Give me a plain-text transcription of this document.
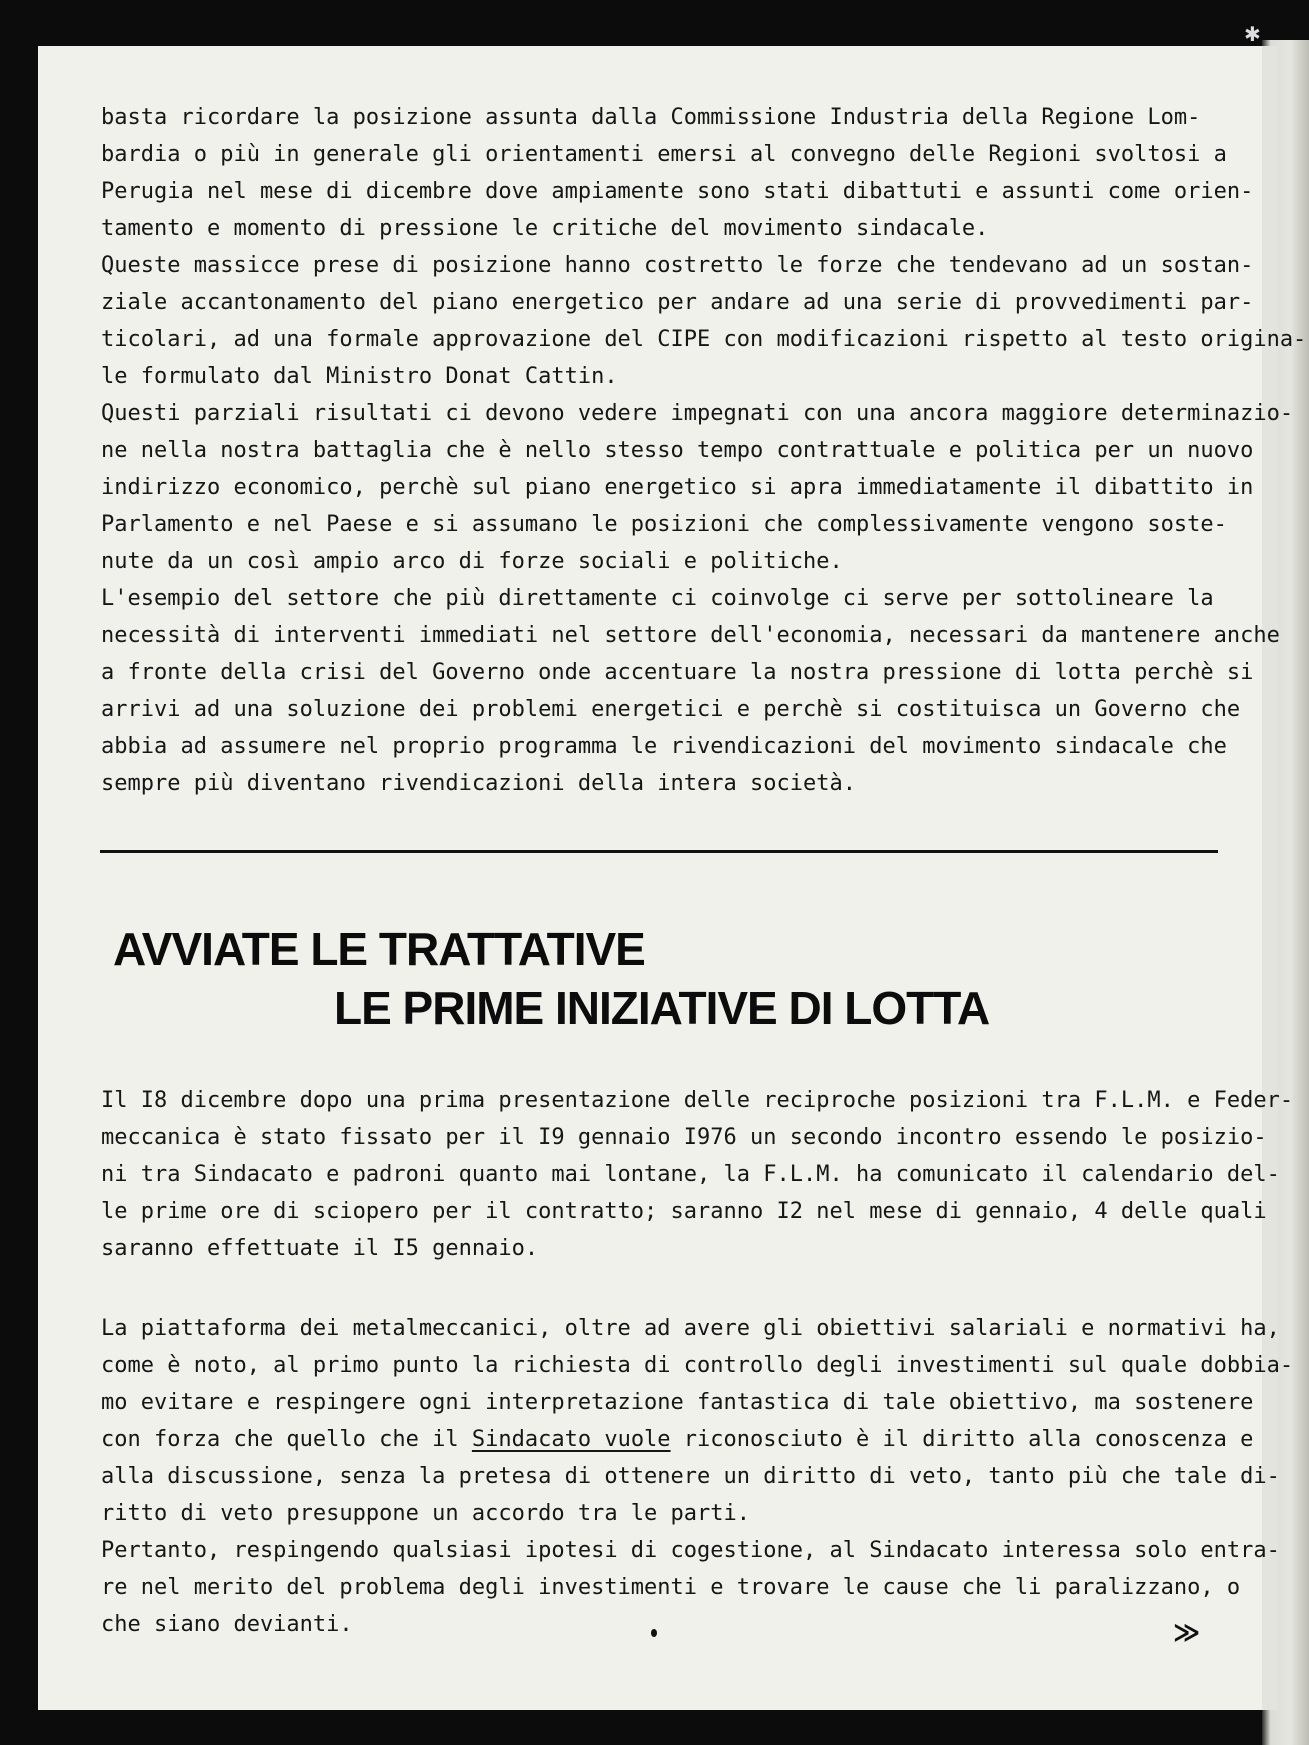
✱

basta ricordare la posizione assunta dalla Commissione Industria della Regione Lom-

bardia o più in generale gli orientamenti emersi al convegno delle Regioni svoltosi a

Perugia nel mese di dicembre dove ampiamente sono stati dibattuti e assunti come orien-

tamento e momento di pressione le critiche del movimento sindacale.

Queste massicce prese di posizione hanno costretto le forze che tendevano ad un sostan-

ziale accantonamento del piano energetico per andare ad una serie di provvedimenti par-

ticolari, ad una formale approvazione del CIPE con modificazioni rispetto al testo origina-

le formulato dal Ministro Donat Cattin.

Questi parziali risultati ci devono vedere impegnati con una ancora maggiore determinazio-

ne nella nostra battaglia che è nello stesso tempo contrattuale e politica per un nuovo

indirizzo economico, perchè sul piano energetico si apra immediatamente il dibattito in

Parlamento e nel Paese e si assumano le posizioni che complessivamente vengono soste-

nute da un così ampio arco di forze sociali e politiche.

L'esempio del settore che più direttamente ci coinvolge ci serve per sottolineare la

necessità di interventi immediati nel settore dell'economia, necessari da mantenere anche

a fronte della crisi del Governo onde accentuare la nostra pressione di lotta perchè si

arrivi ad una soluzione dei problemi energetici e perchè si costituisca un Governo che

abbia ad assumere nel proprio programma le rivendicazioni del movimento sindacale che

sempre più diventano rivendicazioni della intera società.

AVVIATE LE TRATTATIVE
LE PRIME INIZIATIVE DI LOTTA

Il I8 dicembre dopo una prima presentazione delle reciproche posizioni tra F.L.M. e Feder-

meccanica è stato fissato per il I9 gennaio I976 un secondo incontro essendo le posizio-

ni tra Sindacato e padroni quanto mai lontane, la F.L.M. ha comunicato il calendario del-

le prime ore di sciopero per il contratto; saranno I2 nel mese di gennaio, 4 delle quali

saranno effettuate il I5 gennaio.

La piattaforma dei metalmeccanici, oltre ad avere gli obiettivi salariali e normativi ha,

come è noto, al primo punto la richiesta di controllo degli investimenti sul quale dobbia-

mo evitare e respingere ogni interpretazione fantastica di tale obiettivo, ma sostenere

con forza che quello che il Sindacato vuole riconosciuto è il diritto alla conoscenza e

alla discussione, senza la pretesa di ottenere un diritto di veto, tanto più che tale di-

ritto di veto presuppone un accordo tra le parti.

Pertanto, respingendo qualsiasi ipotesi di cogestione, al Sindacato interessa solo entra-

re nel merito del problema degli investimenti e trovare le cause che li paralizzano, o

che siano devianti.	≫
